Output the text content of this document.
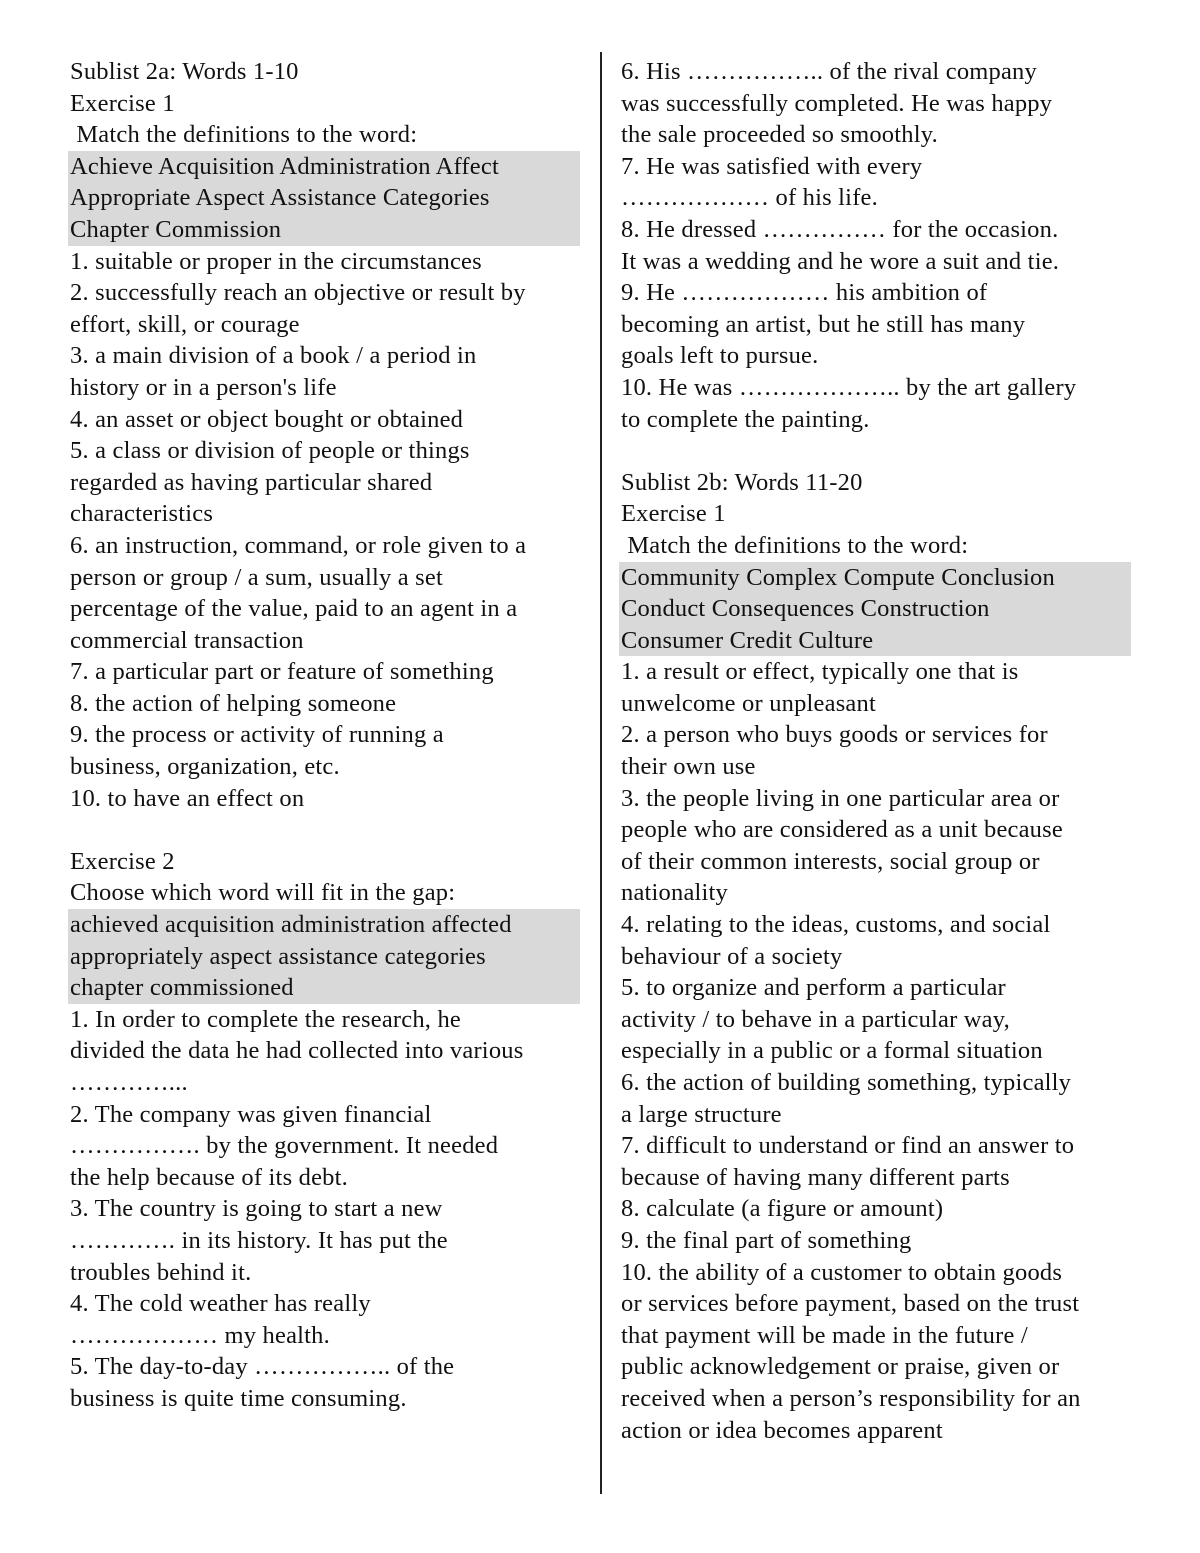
Sublist 2a: Words 1-10
Exercise 1
Match the definitions to the word:
Achieve Acquisition Administration Affect
Appropriate Aspect Assistance Categories
Chapter Commission
1. suitable or proper in the circumstances
2. successfully reach an objective or result by
effort, skill, or courage
3. a main division of a book / a period in
history or in a person's life
4. an asset or object bought or obtained
5. a class or division of people or things
regarded as having particular shared
characteristics
6. an instruction, command, or role given to a
person or group / a sum, usually a set
percentage of the value, paid to an agent in a
commercial transaction
7. a particular part or feature of something
8. the action of helping someone
9. the process or activity of running a
business, organization, etc.
10. to have an effect on
Exercise 2
Choose which word will fit in the gap:
achieved acquisition administration affected
appropriately aspect assistance categories
chapter commissioned
1. In order to complete the research, he
divided the data he had collected into various
…………...
2. The company was given financial
……………. by the government. It needed
the help because of its debt.
3. The country is going to start a new
…………. in its history. It has put the
troubles behind it.
4. The cold weather has really
……………… my health.
5. The day-to-day …………….. of the
business is quite time consuming.
6. His …………….. of the rival company
was successfully completed. He was happy
the sale proceeded so smoothly.
7. He was satisfied with every
……………… of his life.
8. He dressed …………… for the occasion.
It was a wedding and he wore a suit and tie.
9. He ……………… his ambition of
becoming an artist, but he still has many
goals left to pursue.
10. He was ……………….. by the art gallery
to complete the painting.
Sublist 2b: Words 11-20
Exercise 1
Match the definitions to the word:
Community Complex Compute Conclusion
Conduct Consequences Construction
Consumer Credit Culture
1. a result or effect, typically one that is
unwelcome or unpleasant
2. a person who buys goods or services for
their own use
3. the people living in one particular area or
people who are considered as a unit because
of their common interests, social group or
nationality
4. relating to the ideas, customs, and social
behaviour of a society
5. to organize and perform a particular
activity / to behave in a particular way,
especially in a public or a formal situation
6. the action of building something, typically
a large structure
7. difficult to understand or find an answer to
because of having many different parts
8. calculate (a figure or amount)
9. the final part of something
10. the ability of a customer to obtain goods
or services before payment, based on the trust
that payment will be made in the future /
public acknowledgement or praise, given or
received when a person’s responsibility for an
action or idea becomes apparent
